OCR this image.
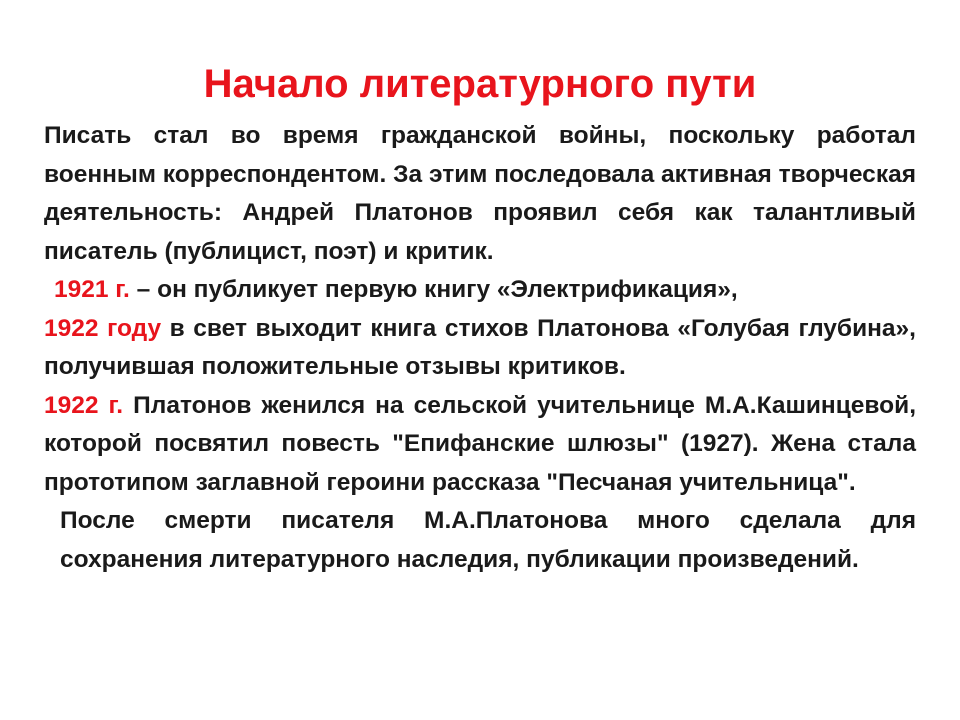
Начало литературного пути

Писать стал во время гражданской войны, поскольку работал военным корреспондентом. За этим последовала активная творческая деятельность: Андрей Платонов проявил себя как талантливый писатель (публицист, поэт) и критик.

1921 г. – он публикует первую книгу «Электрификация»,

1922 году в свет выходит книга стихов Платонова «Голубая глубина», получившая положительные отзывы критиков.

1922 г. Платонов женился на сельской учительнице М.А.Кашинцевой, которой посвятил повесть "Епифанские шлюзы" (1927). Жена стала прототипом заглавной героини рассказа "Песчаная учительница".

После смерти писателя М.А.Платонова много сделала для сохранения литературного наследия, публикации произведений.
